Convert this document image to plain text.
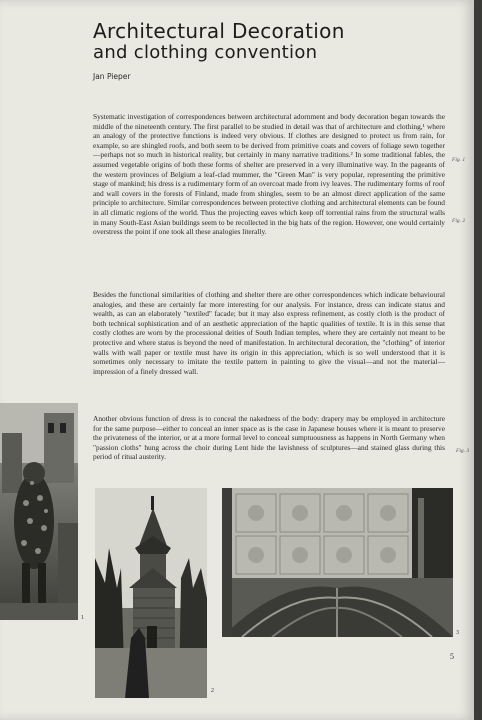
Architectural Decoration
and clothing convention
Jan Pieper

Systematic investigation of correspondences between architectural adornment and body decoration began towards the middle of the nineteenth century. The first parallel to be studied in detail was that of architecture and clothing,¹ where an analogy of the protective functions is indeed very obvious. If clothes are designed to protect us from rain, for example, so are shingled roofs, and both seem to be derived from primitive coats and covers of foliage sewn together—perhaps not so much in historical reality, but certainly in many narrative traditions.² In some traditional fables, the assumed vegetable origins of both these forms of shelter are preserved in a very illuminative way. In the pageants of the western provinces of Belgium a leaf-clad mummer, the "Green Man" is very popular, representing the primitive stage of mankind; his dress is a rudimentary form of an overcoat made from ivy leaves. The rudimentary forms of roof and wall covers in the forests of Finland, made from shingles, seem to be an almost direct application of the same principle to architecture. Similar correspondences between protective clothing and architectural elements can be found in all climatic regions of the world. Thus the projecting eaves which keep off torrential rains from the structural walls in many South-East Asian buildings seem to be recollected in the big hats of the region. However, one would certainly overstress the point if one took all these analogies literally.

Besides the functional similarities of clothing and shelter there are other correspondences which indicate behavioural analogies, and these are certainly far more interesting for our analysis. For instance, dress can indicate status and wealth, as can an elaborately "textiled" facade; but it may also express refinement, as costly cloth is the product of both technical sophistication and of an aesthetic appreciation of the haptic qualities of textile. It is in this sense that costly clothes are worn by the processional deities of South Indian temples, where they are certainly not meant to be protective and where status is beyond the need of manifestation. In architectural decoration, the "clothing" of interior walls with wall paper or textile must have its origin in this appreciation, which is so well understood that it is sometimes only necessary to imitate the textile pattern in painting to give the visual—and not the material—impression of a finely dressed wall.

Another obvious function of dress is to conceal the nakedness of the body: drapery may be employed in architecture for the same purpose—either to conceal an inner space as is the case in Japanese houses where it is meant to preserve the privateness of the interior, or at a more formal level to conceal sumptuousness as happens in North Germany when "passion cloths" hung across the choir during Lent hide the lavishness of sculptures—and stained glass during this period of ritual austerity.

Fig. 1
Fig. 2
Fig. 3
1
2
3
5
